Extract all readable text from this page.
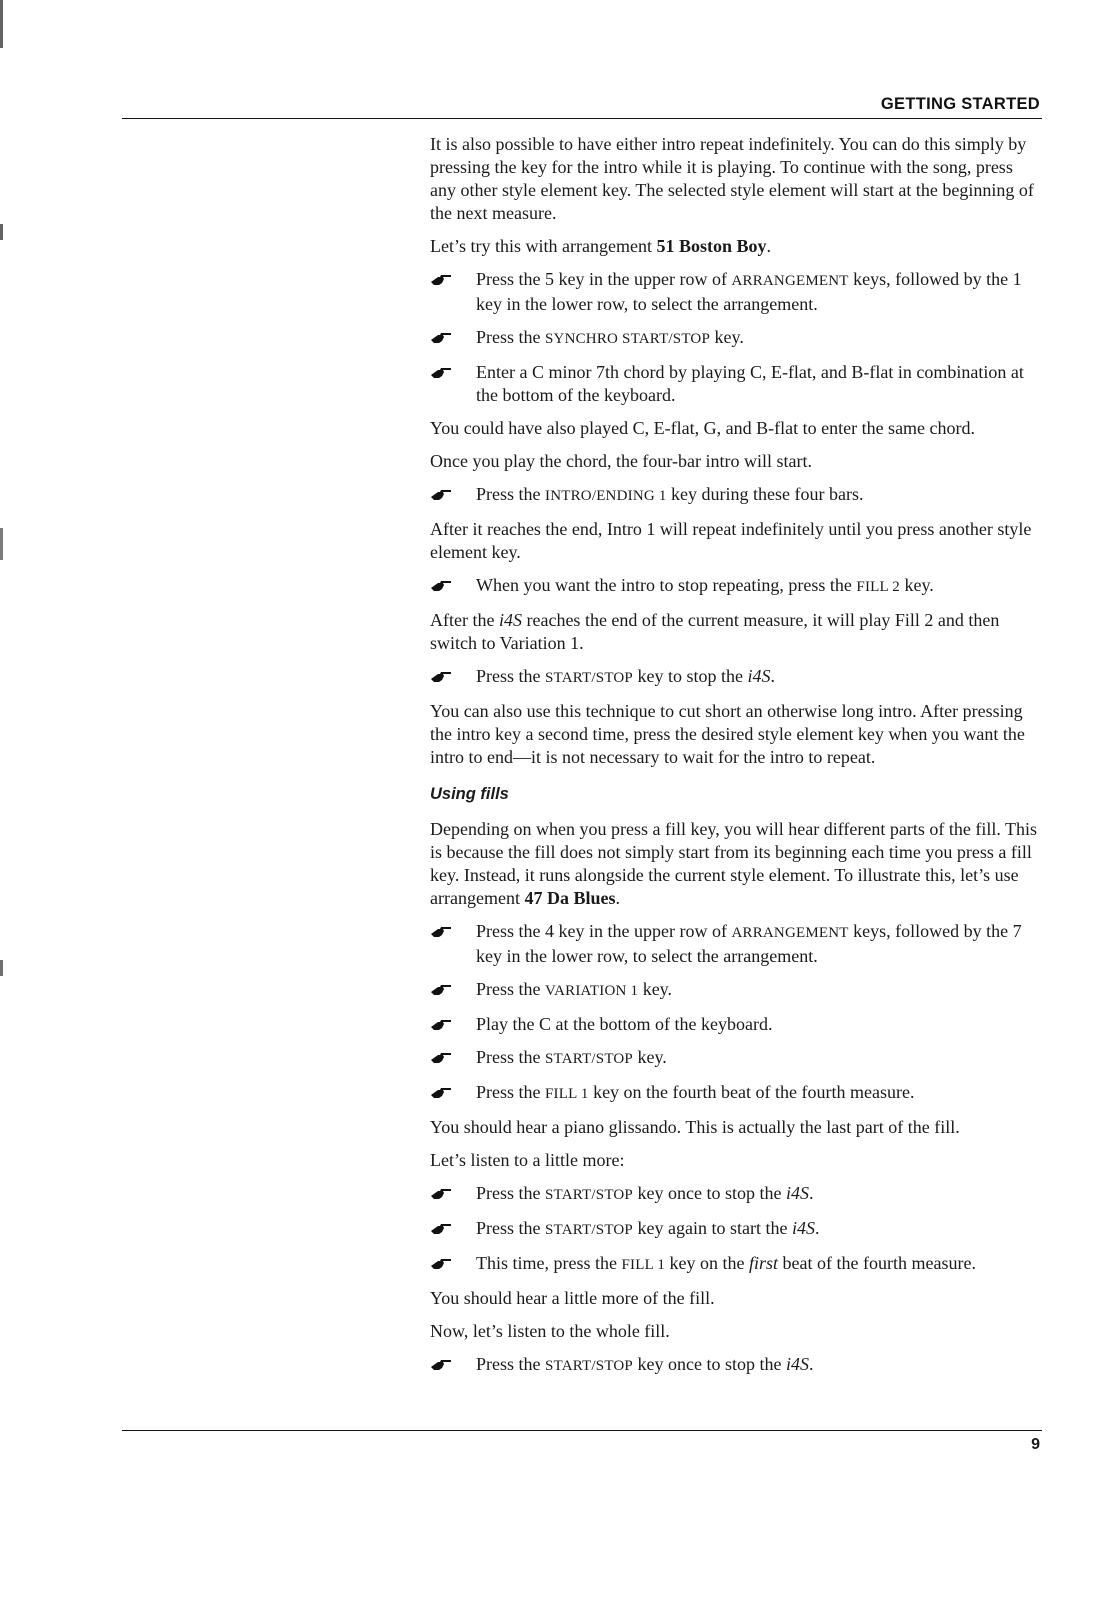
GETTING STARTED

It is also possible to have either intro repeat indefinitely. You can do this simply by pressing the key for the intro while it is playing. To continue with the song, press any other style element key. The selected style element will start at the beginning of the next measure.

Let’s try this with arrangement 51 Boston Boy.

Press the 5 key in the upper row of ARRANGEMENT keys, followed by the 1 key in the lower row, to select the arrangement.
Press the SYNCHRO START/STOP key.
Enter a C minor 7th chord by playing C, E-flat, and B-flat in combination at the bottom of the keyboard.

You could have also played C, E-flat, G, and B-flat to enter the same chord.

Once you play the chord, the four-bar intro will start.

Press the INTRO/ENDING 1 key during these four bars.

After it reaches the end, Intro 1 will repeat indefinitely until you press another style element key.

When you want the intro to stop repeating, press the FILL 2 key.

After the i4S reaches the end of the current measure, it will play Fill 2 and then switch to Variation 1.

Press the START/STOP key to stop the i4S.

You can also use this technique to cut short an otherwise long intro. After pressing the intro key a second time, press the desired style element key when you want the intro to end—it is not necessary to wait for the intro to repeat.

Using fills

Depending on when you press a fill key, you will hear different parts of the fill. This is because the fill does not simply start from its beginning each time you press a fill key. Instead, it runs alongside the current style element. To illustrate this, let’s use arrangement 47 Da Blues.

Press the 4 key in the upper row of ARRANGEMENT keys, followed by the 7 key in the lower row, to select the arrangement.
Press the VARIATION 1 key.
Play the C at the bottom of the keyboard.
Press the START/STOP key.
Press the FILL 1 key on the fourth beat of the fourth measure.

You should hear a piano glissando. This is actually the last part of the fill.

Let’s listen to a little more:

Press the START/STOP key once to stop the i4S.
Press the START/STOP key again to start the i4S.
This time, press the FILL 1 key on the first beat of the fourth measure.

You should hear a little more of the fill.

Now, let’s listen to the whole fill.

Press the START/STOP key once to stop the i4S.
9
